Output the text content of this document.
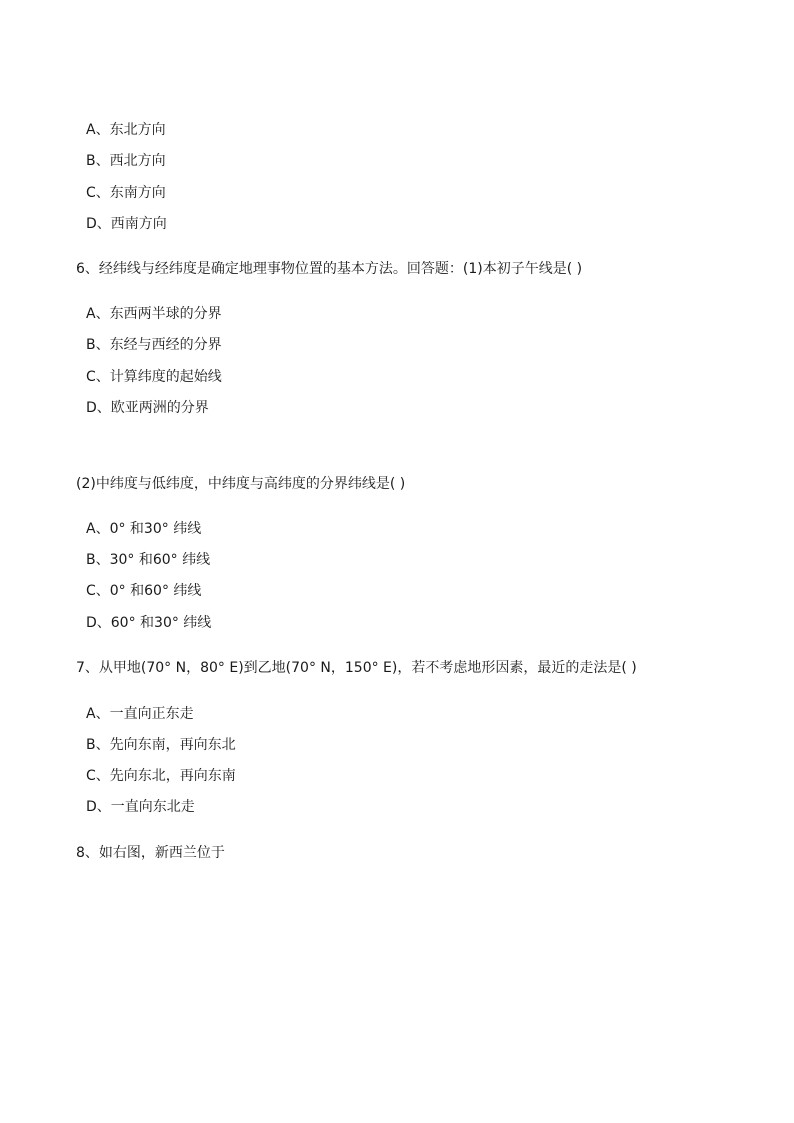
A、东北方向
B、西北方向
C、东南方向
D、西南方向
6、经纬线与经纬度是确定地理事物位置的基本方法。回答题：(1)本初子午线是( )
A、东西两半球的分界
B、东经与西经的分界
C、计算纬度的起始线
D、欧亚两洲的分界
(2)中纬度与低纬度，中纬度与高纬度的分界纬线是( )
A、0° 和30° 纬线
B、30° 和60° 纬线
C、0° 和60° 纬线
D、60° 和30° 纬线
7、从甲地(70° N，80° E)到乙地(70° N，150° E)，若不考虑地形因素，最近的走法是( )
A、一直向正东走
B、先向东南，再向东北
C、先向东北，再向东南
D、一直向东北走
8、如右图，新西兰位于
